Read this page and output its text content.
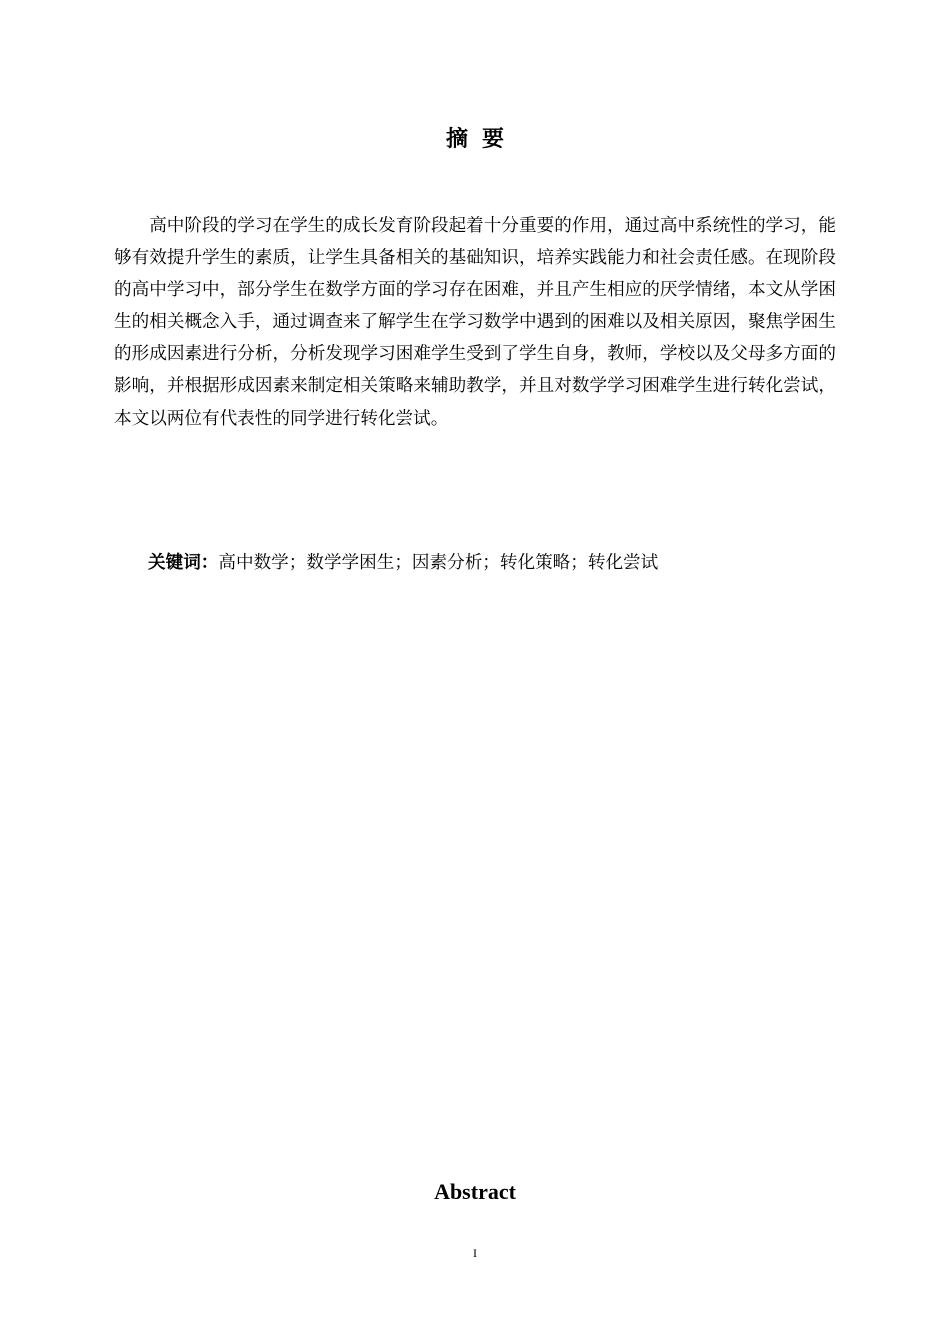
摘要

高中阶段的学习在学生的成长发育阶段起着十分重要的作用，通过高中系统性的学习，能够有效提升学生的素质，让学生具备相关的基础知识，培养实践能力和社会责任感。在现阶段的高中学习中，部分学生在数学方面的学习存在困难，并且产生相应的厌学情绪，本文从学困生的相关概念入手，通过调查来了解学生在学习数学中遇到的困难以及相关原因，聚焦学困生的形成因素进行分析，分析发现学习困难学生受到了学生自身，教师，学校以及父母多方面的影响，并根据形成因素来制定相关策略来辅助教学，并且对数学学习困难学生进行转化尝试，本文以两位有代表性的同学进行转化尝试。

关键词：高中数学；数学学困生；因素分析；转化策略；转化尝试
Abstract
I
